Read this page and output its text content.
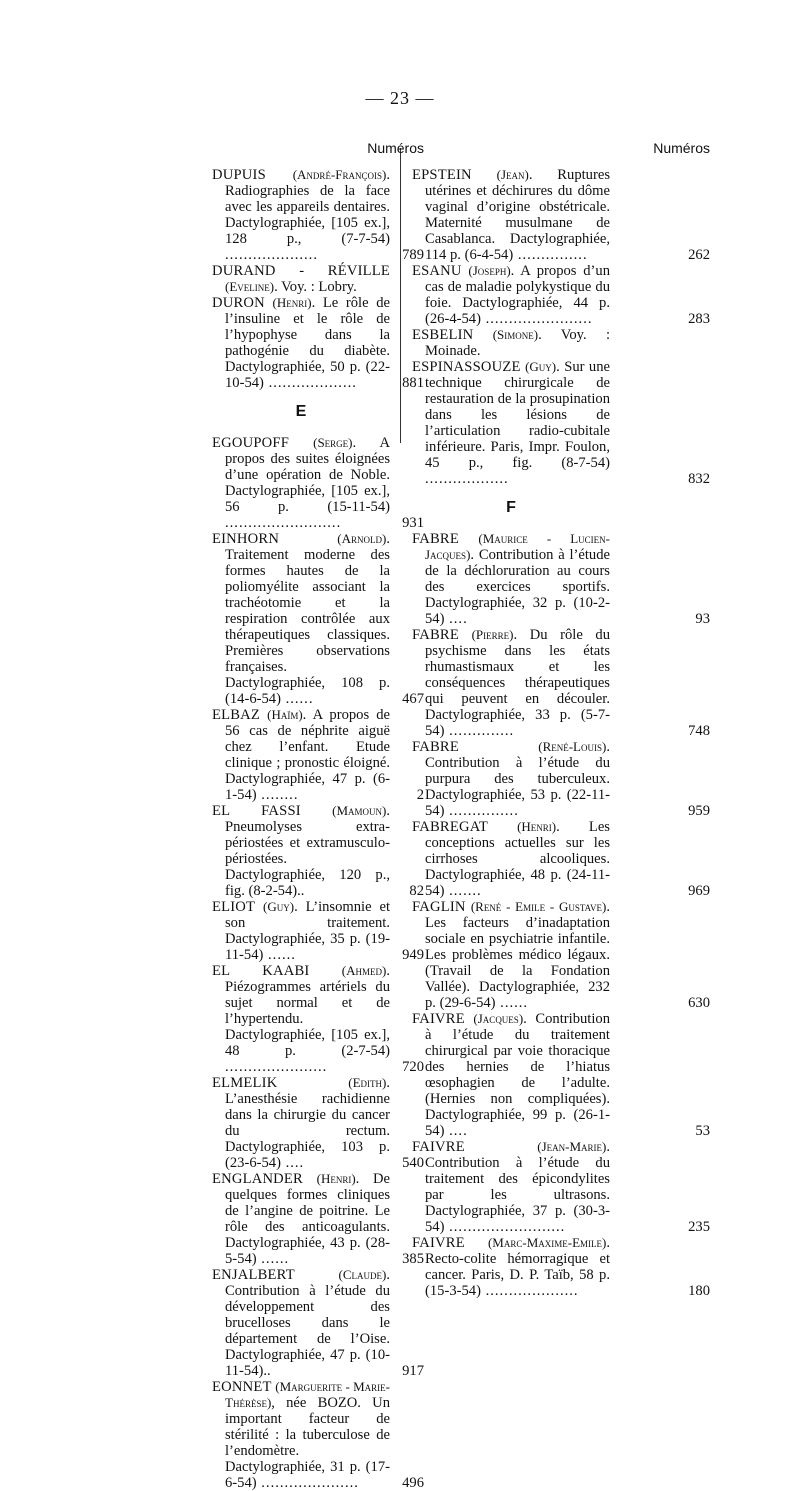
— 23 —
Numéros
DUPUIS (André-François). Radiographies de la face avec les appareils dentaires. Dactylographiée, [105 ex.], 128 p., (7-7-54) ....................	789
DURAND - RÉVILLE (Eveline). Voy. : Lobry.
DURON (Henri). Le rôle de l’insuline et le rôle de l’hypophyse dans la pathogénie du diabète. Dactylographiée, 50 p. (22-10-54) ...................	881
E
EGOUPOFF (Serge). A propos des suites éloignées d’une opération de Noble. Dactylographiée, [105 ex.], 56 p. (15-11-54) .........................	931
EINHORN	(Arnold). Traitement moderne des formes hautes de la poliomyélite associant la trachéotomie et la respiration contrôlée aux thérapeutiques classiques. Premières observations françaises. Dactylographiée, 108 p. (14-6-54) ......	467
ELBAZ (Haïm). A propos de 56 cas de néphrite aiguë chez l’enfant. Etude clinique ; pronostic éloigné. Dactylographiée, 47 p. (6-1-54) ........	2
EL FASSI (Mamoun). Pneumolyses extra-périostées et extramusculo-périostées. Dactylographiée, 120 p., fig. (8-2-54)..	82
ELIOT (Guy). L’insomnie et son traitement. Dactylographiée, 35 p. (19-11-54) ......	949
EL KAABI (Ahmed). Piézogrammes artériels du sujet normal et de l’hypertendu. Dactylographiée, [105 ex.], 48 p. (2-7-54) ......................	720
ELMELIK	(Edith). L’anesthésie rachidienne dans la chirurgie du cancer du rectum. Dactylographiée, 103 p. (23-6-54) ....	540
ENGLANDER (Henri). De quelques formes cliniques de l’angine de poitrine. Le rôle des anticoagulants. Dactylographiée, 43 p. (28-5-54) ......	385
ENJALBERT	(Claude). Contribution à l’étude du développement des brucelloses dans le département de l’Oise. Dactylographiée, 47 p. (10-11-54)..	917
EONNET (Marguerite - Marie-Thérèse), née BOZO. Un important facteur de stérilité : la tuberculose de l’endomètre. Dactylographiée, 31 p. (17-6-54) .....................	496
Numéros
EPSTEIN (Jean). Ruptures utérines et déchirures du dôme vaginal d’origine obstétricale. Maternité musulmane de Casablanca. Dactylographiée, 114 p. (6-4-54) ...............	262
ESANU (Joseph). A propos d’un cas de maladie polykystique du foie. Dactylographiée, 44 p. (26-4-54) .......................	283
ESBELIN (Simone). Voy. : Moinade.
ESPINASSOUZE (Guy). Sur une technique chirurgicale de restauration de la prosupination dans les lésions de l’articulation radio-cubitale inférieure. Paris, Impr. Foulon, 45 p., fig. (8-7-54) ..................	832
F
FABRE (Maurice - Lucien-Jacques). Contribution à l’étude de la déchloruration au cours des exercices sportifs. Dactylographiée, 32 p. (10-2-54) ....	93
FABRE (Pierre). Du rôle du psychisme dans les états rhumastismaux et les conséquences thérapeutiques qui peuvent en découler. Dactylographiée, 33 p. (5-7-54) ..............	748
FABRE	(René-Louis). Contribution à l’étude du purpura des tuberculeux. Dactylographiée, 53 p. (22-11-54) ...............	959
FABREGAT (Henri). Les conceptions actuelles sur les cirrhoses alcooliques. Dactylographiée, 48 p. (24-11-54) .......	969
FAGLIN (René - Emile - Gustave). Les facteurs d’inadaptation sociale en psychiatrie infantile. Les problèmes médico légaux. (Travail de la Fondation Vallée). Dactylographiée, 232 p. (29-6-54) ......	630
FAIVRE (Jacques). Contribution à l’étude du traitement chirurgical par voie thoracique des hernies de l’hiatus œsophagien de l’adulte. (Hernies non compliquées). Dactylographiée, 99 p. (26-1-54) ....	53
FAIVRE	(Jean-Marie). Contribution à l’étude du traitement des épicondylites par les ultrasons. Dactylographiée, 37 p. (30-3-54) .........................	235
FAIVRE (Marc-Maxime-Emile). Recto-colite hémorragique et cancer. Paris, D. P. Taïb, 58 p. (15-3-54) ....................	180
